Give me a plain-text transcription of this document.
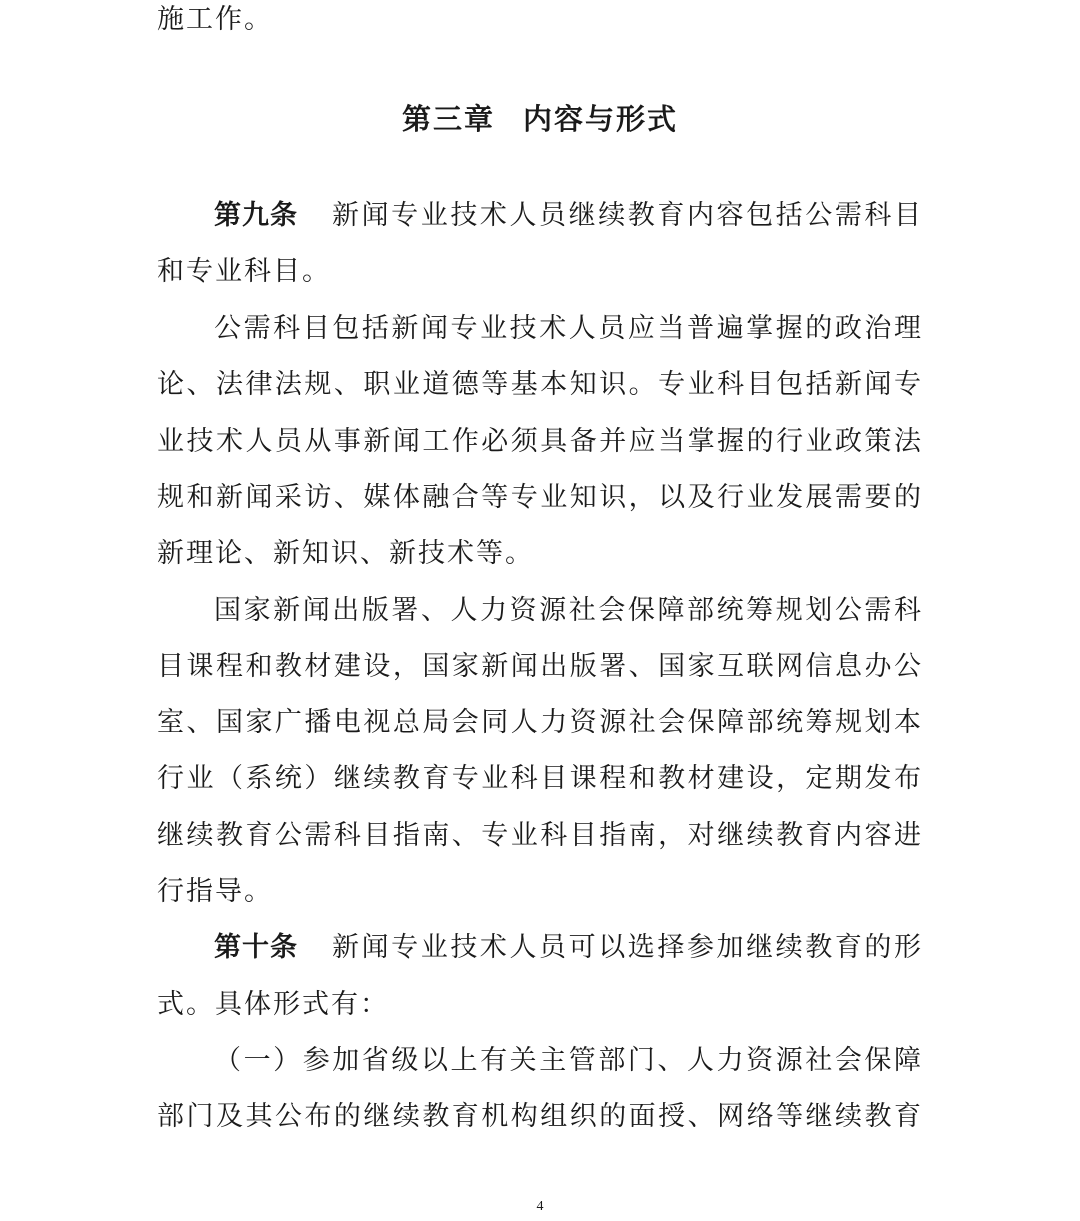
施工作。
第三章 内容与形式
第九条 新闻专业技术人员继续教育内容包括公需科目
和专业科目。
公需科目包括新闻专业技术人员应当普遍掌握的政治理
论、法律法规、职业道德等基本知识。专业科目包括新闻专
业技术人员从事新闻工作必须具备并应当掌握的行业政策法
规和新闻采访、媒体融合等专业知识，以及行业发展需要的
新理论、新知识、新技术等。
国家新闻出版署、人力资源社会保障部统筹规划公需科
目课程和教材建设，国家新闻出版署、国家互联网信息办公
室、国家广播电视总局会同人力资源社会保障部统筹规划本
行业（系统）继续教育专业科目课程和教材建设，定期发布
继续教育公需科目指南、专业科目指南，对继续教育内容进
行指导。
第十条 新闻专业技术人员可以选择参加继续教育的形
式。具体形式有：
（一）参加省级以上有关主管部门、人力资源社会保障
部门及其公布的继续教育机构组织的面授、网络等继续教育
4
